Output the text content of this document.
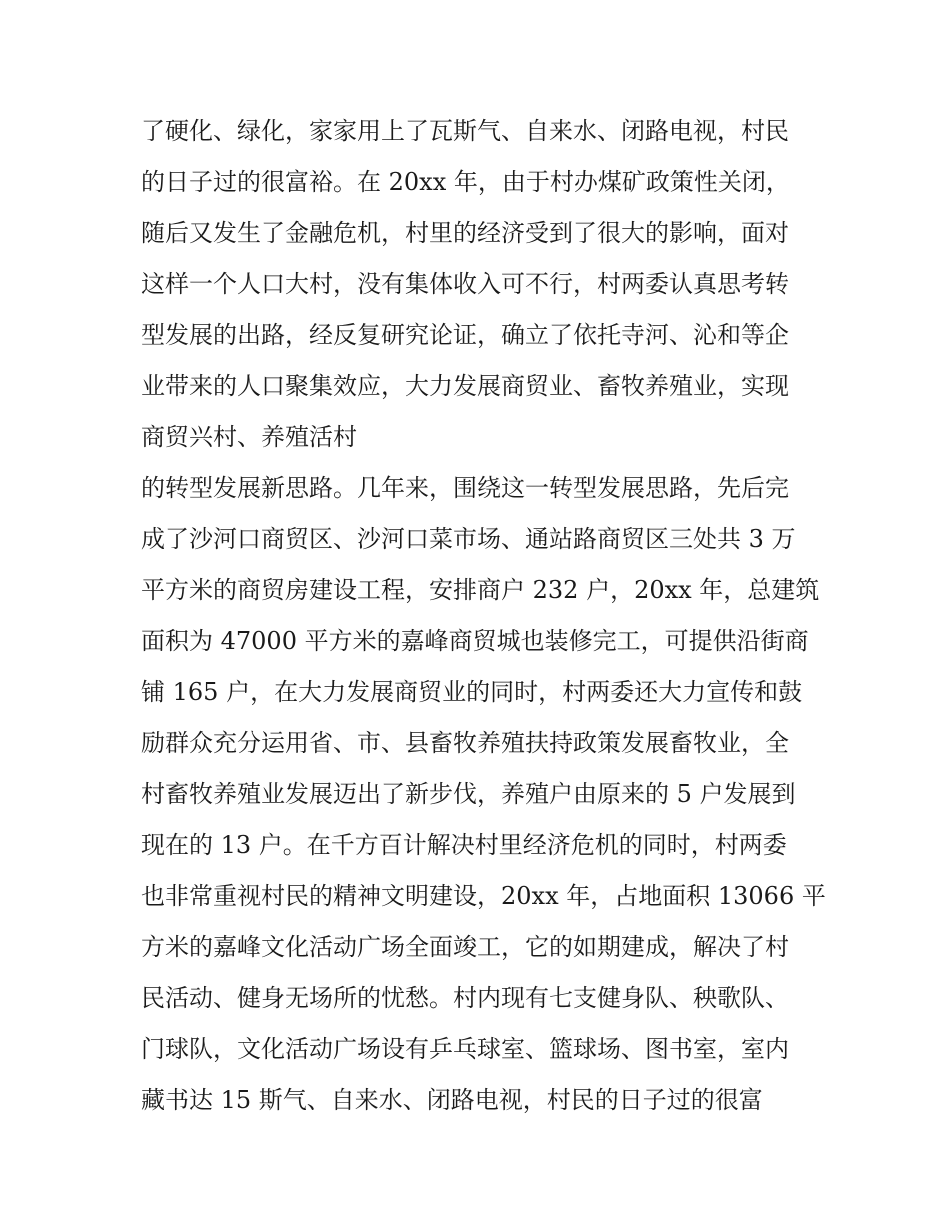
了硬化、绿化，家家用上了瓦斯气、自来水、闭路电视，村民
的日子过的很富裕。在 20xx 年，由于村办煤矿政策性关闭，
随后又发生了金融危机，村里的经济受到了很大的影响，面对
这样一个人口大村，没有集体收入可不行，村两委认真思考转
型发展的出路，经反复研究论证，确立了依托寺河、沁和等企
业带来的人口聚集效应，大力发展商贸业、畜牧养殖业，实现
商贸兴村、养殖活村
的转型发展新思路。几年来，围绕这一转型发展思路，先后完
成了沙河口商贸区、沙河口菜市场、通站路商贸区三处共 3 万
平方米的商贸房建设工程，安排商户 232 户，20xx 年，总建筑
面积为 47000 平方米的嘉峰商贸城也装修完工，可提供沿街商
铺 165 户，在大力发展商贸业的同时，村两委还大力宣传和鼓
励群众充分运用省、市、县畜牧养殖扶持政策发展畜牧业，全
村畜牧养殖业发展迈出了新步伐，养殖户由原来的 5 户发展到
现在的 13 户。在千方百计解决村里经济危机的同时，村两委
也非常重视村民的精神文明建设，20xx 年，占地面积 13066 平
方米的嘉峰文化活动广场全面竣工，它的如期建成，解决了村
民活动、健身无场所的忧愁。村内现有七支健身队、秧歌队、
门球队，文化活动广场设有乒乓球室、篮球场、图书室，室内
藏书达 15 斯气、自来水、闭路电视，村民的日子过的很富
